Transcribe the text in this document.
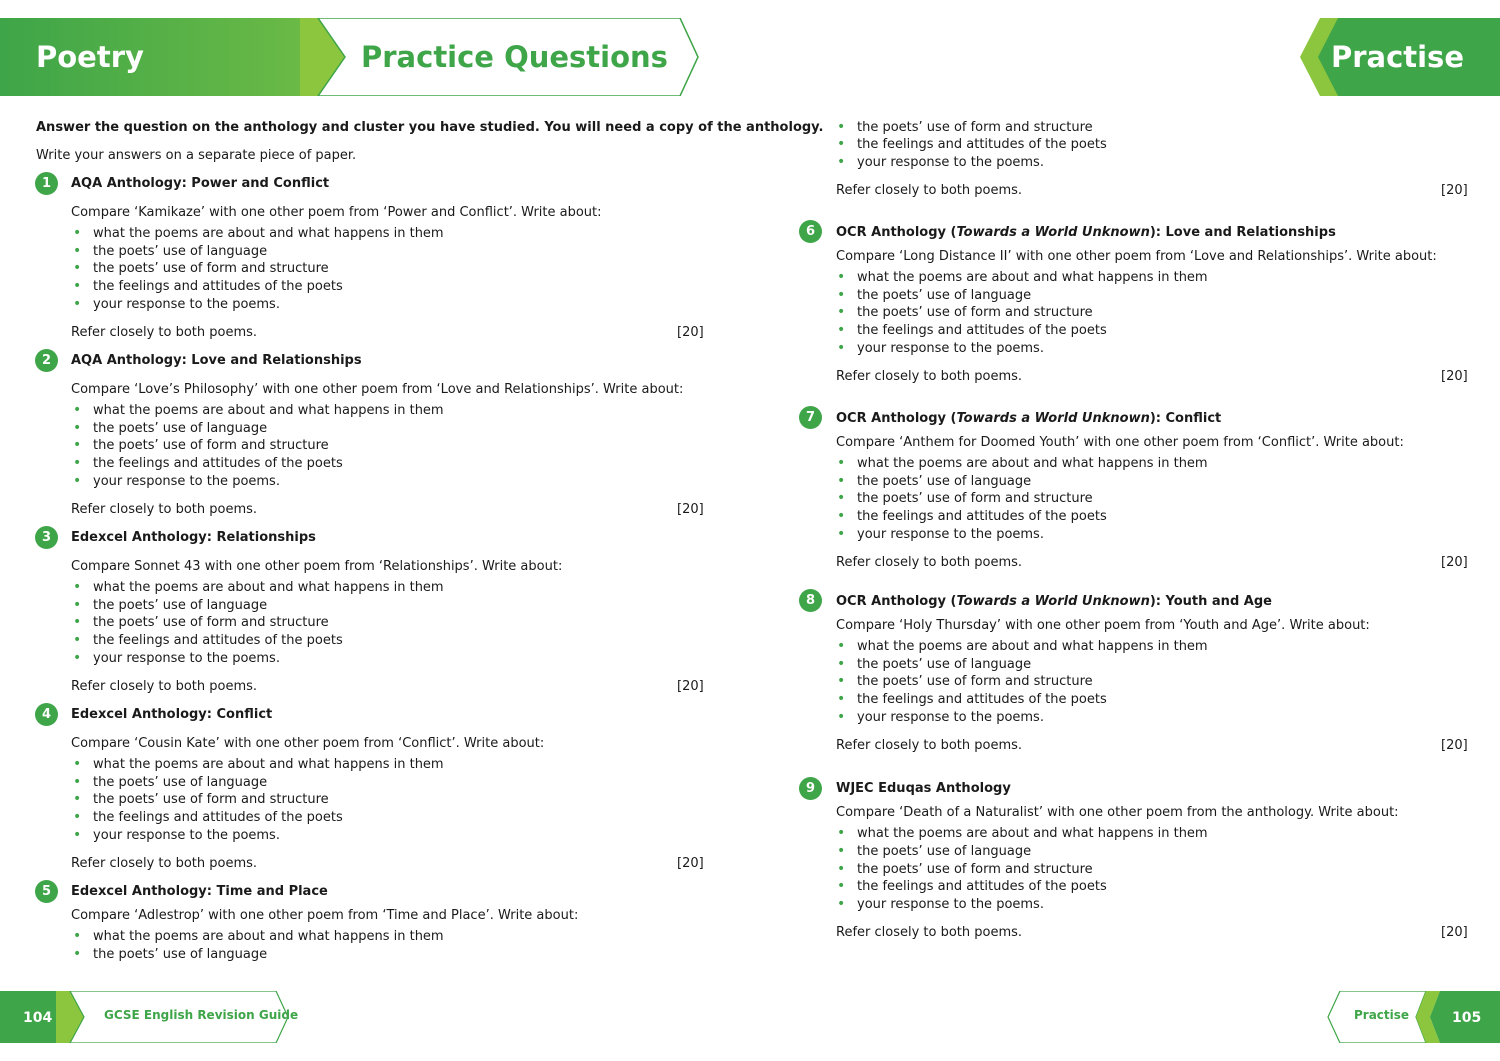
Poetry	Practice Questions	Practise
Answer the question on the anthology and cluster you have studied. You will need a copy of the anthology.
Write your answers on a separate piece of paper.
1	AQA Anthology: Power and Conflict
Compare ‘Kamikaze’ with one other poem from ‘Power and Conflict’. Write about:
• what the poems are about and what happens in them
• the poets’ use of language
• the poets’ use of form and structure
• the feelings and attitudes of the poets
• your response to the poems.
Refer closely to both poems.	[20]
2	AQA Anthology: Love and Relationships
Compare ‘Love’s Philosophy’ with one other poem from ‘Love and Relationships’. Write about:
• what the poems are about and what happens in them
• the poets’ use of language
• the poets’ use of form and structure
• the feelings and attitudes of the poets
• your response to the poems.
Refer closely to both poems.	[20]
3	Edexcel Anthology: Relationships
Compare Sonnet 43 with one other poem from ‘Relationships’. Write about:
• what the poems are about and what happens in them
• the poets’ use of language
• the poets’ use of form and structure
• the feelings and attitudes of the poets
• your response to the poems.
Refer closely to both poems.	[20]
4	Edexcel Anthology: Conflict
Compare ‘Cousin Kate’ with one other poem from ‘Conflict’. Write about:
• what the poems are about and what happens in them
• the poets’ use of language
• the poets’ use of form and structure
• the feelings and attitudes of the poets
• your response to the poems.
Refer closely to both poems.	[20]
5	Edexcel Anthology: Time and Place
Compare ‘Adlestrop’ with one other poem from ‘Time and Place’. Write about:
• what the poems are about and what happens in them
• the poets’ use of language
• the poets’ use of form and structure
• the feelings and attitudes of the poets
• your response to the poems.
Refer closely to both poems.	[20]
6	OCR Anthology (Towards a World Unknown): Love and Relationships
Compare ‘Long Distance II’ with one other poem from ‘Love and Relationships’. Write about:
• what the poems are about and what happens in them
• the poets’ use of language
• the poets’ use of form and structure
• the feelings and attitudes of the poets
• your response to the poems.
Refer closely to both poems.	[20]
7	OCR Anthology (Towards a World Unknown): Conflict
Compare ‘Anthem for Doomed Youth’ with one other poem from ‘Conflict’. Write about:
• what the poems are about and what happens in them
• the poets’ use of language
• the poets’ use of form and structure
• the feelings and attitudes of the poets
• your response to the poems.
Refer closely to both poems.	[20]
8	OCR Anthology (Towards a World Unknown): Youth and Age
Compare ‘Holy Thursday’ with one other poem from ‘Youth and Age’. Write about:
• what the poems are about and what happens in them
• the poets’ use of language
• the poets’ use of form and structure
• the feelings and attitudes of the poets
• your response to the poems.
Refer closely to both poems.	[20]
9	WJEC Eduqas Anthology
Compare ‘Death of a Naturalist’ with one other poem from the anthology. Write about:
• what the poems are about and what happens in them
• the poets’ use of language
• the poets’ use of form and structure
• the feelings and attitudes of the poets
• your response to the poems.
Refer closely to both poems.	[20]
104	GCSE English Revision Guide	Practise	105
